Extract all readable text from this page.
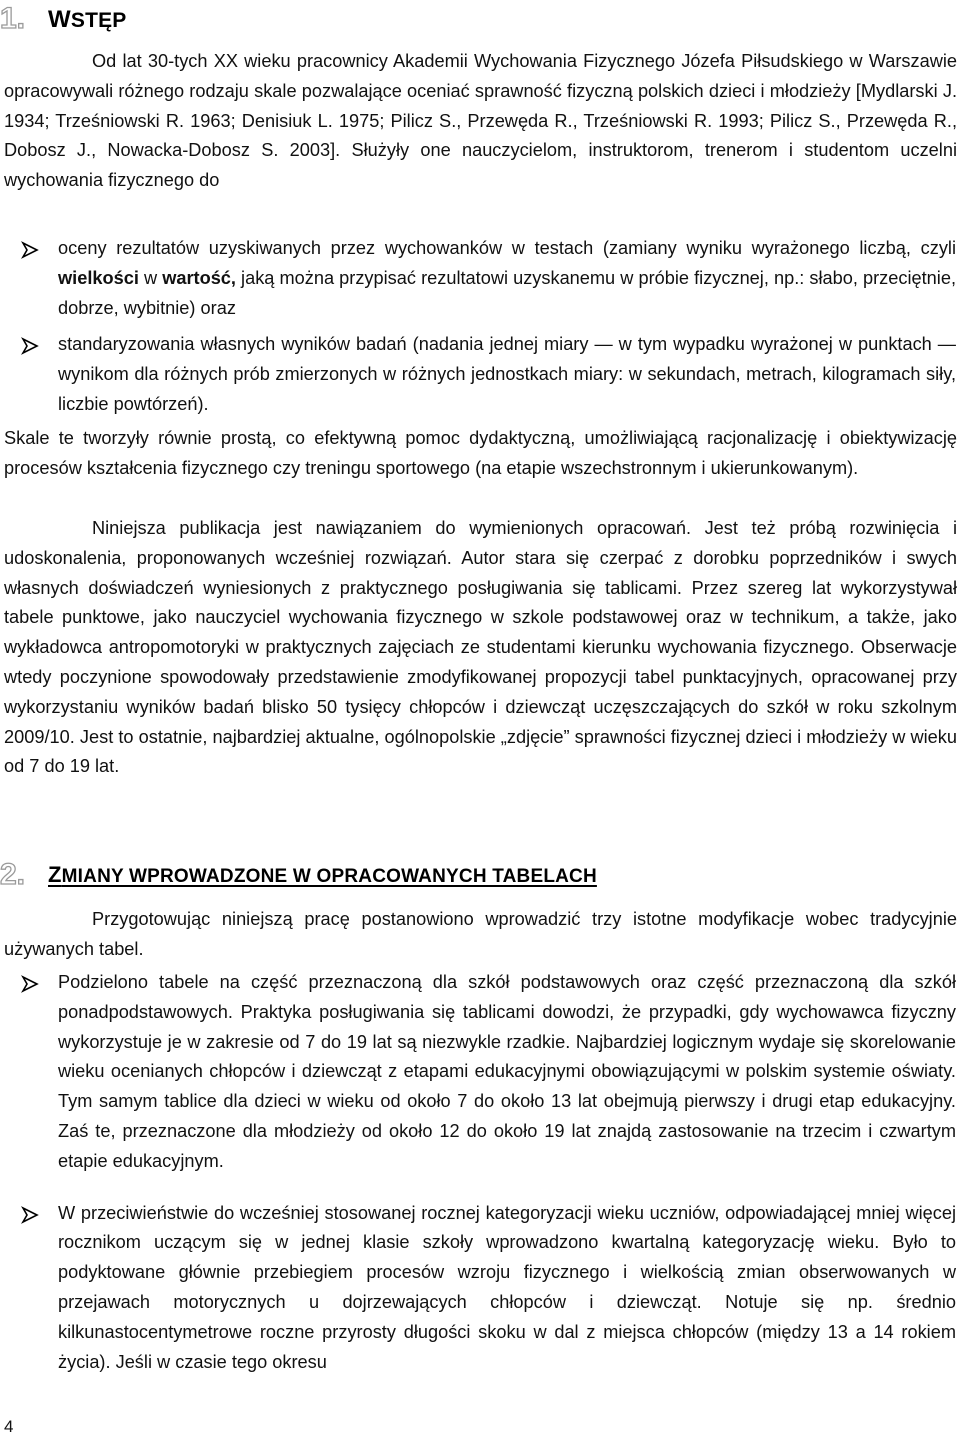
1. WSTĘP

Od lat 30-tych XX wieku pracownicy Akademii Wychowania Fizycznego Józefa Piłsudskiego w Warszawie opracowywali różnego rodzaju skale pozwalające oceniać sprawność fizyczną polskich dzieci i młodzieży [Mydlarski J. 1934; Trześniowski R. 1963; Denisiuk L. 1975; Pilicz S., Przewęda R., Trześniowski R. 1993; Pilicz S., Przewęda R., Dobosz J., Nowacka-Dobosz S. 2003]. Służyły one nauczycielom, instruktorom, trenerom i studentom uczelni wychowania fizycznego do

oceny rezultatów uzyskiwanych przez wychowanków w testach (zamiany wyniku wyrażonego liczbą, czyli wielkości w wartość, jaką można przypisać rezultatowi uzyskanemu w próbie fizycznej, np.: słabo, przeciętnie, dobrze, wybitnie) oraz

standaryzowania własnych wyników badań (nadania jednej miary — w tym wypadku wyrażonej w punktach — wynikom dla różnych prób zmierzonych w różnych jednostkach miary: w sekundach, metrach, kilogramach siły, liczbie powtórzeń).

Skale te tworzyły równie prostą, co efektywną pomoc dydaktyczną, umożliwiającą racjonalizację i obiektywizację procesów kształcenia fizycznego czy treningu sportowego (na etapie wszechstronnym i ukierunkowanym).

Niniejsza publikacja jest nawiązaniem do wymienionych opracowań. Jest też próbą rozwinięcia i udoskonalenia, proponowanych wcześniej rozwiązań. Autor stara się czerpać z dorobku poprzedników i swych własnych doświadczeń wyniesionych z praktycznego posługiwania się tablicami. Przez szereg lat wykorzystywał tabele punktowe, jako nauczyciel wychowania fizycznego w szkole podstawowej oraz w technikum, a także, jako wykładowca antropomotoryki w praktycznych zajęciach ze studentami kierunku wychowania fizycznego. Obserwacje wtedy poczynione spowodowały przedstawienie zmodyfikowanej propozycji tabel punktacyjnych, opracowanej przy wykorzystaniu wyników badań blisko 50 tysięcy chłopców i dziewcząt uczęszczających do szkół w roku szkolnym 2009/10. Jest to ostatnie, najbardziej aktualne, ogólnopolskie „zdjęcie” sprawności fizycznej dzieci i młodzieży w wieku od 7 do 19 lat.

2.	ZMIANY WPROWADZONE W OPRACOWANYCH TABELACH

Przygotowując niniejszą pracę postanowiono wprowadzić trzy istotne modyfikacje wobec tradycyjnie używanych tabel.

Podzielono tabele na część przeznaczoną dla szkół podstawowych oraz część przeznaczoną dla szkół ponadpodstawowych. Praktyka posługiwania się tablicami dowodzi, że przypadki, gdy wychowawca fizyczny wykorzystuje je w zakresie od 7 do 19 lat są niezwykle rzadkie. Najbardziej logicznym wydaje się skorelowanie wieku ocenianych chłopców i dziewcząt z etapami edukacyjnymi obowiązującymi w polskim systemie oświaty. Tym samym tablice dla dzieci w wieku od około 7 do około 13 lat obejmują pierwszy i drugi etap edukacyjny. Zaś te, przeznaczone dla młodzieży od około 12 do około 19 lat znajdą zastosowanie na trzecim i czwartym etapie edukacyjnym.

W przeciwieństwie do wcześniej stosowanej rocznej kategoryzacji wieku uczniów, odpowiadającej mniej więcej rocznikom uczącym się w jednej klasie szkoły wprowadzono kwartalną kategoryzację wieku. Było to podyktowane głównie przebiegiem procesów wzroju fizycznego i wielkością zmian obserwowanych w przejawach motorycznych u dojrzewających chłopców i dziewcząt. Notuje się np. średnio kilkunastocentymetrowe roczne przyrosty długości skoku w dal z miejsca chłopców (między 13 a 14 rokiem życia). Jeśli w czasie tego okresu

4
